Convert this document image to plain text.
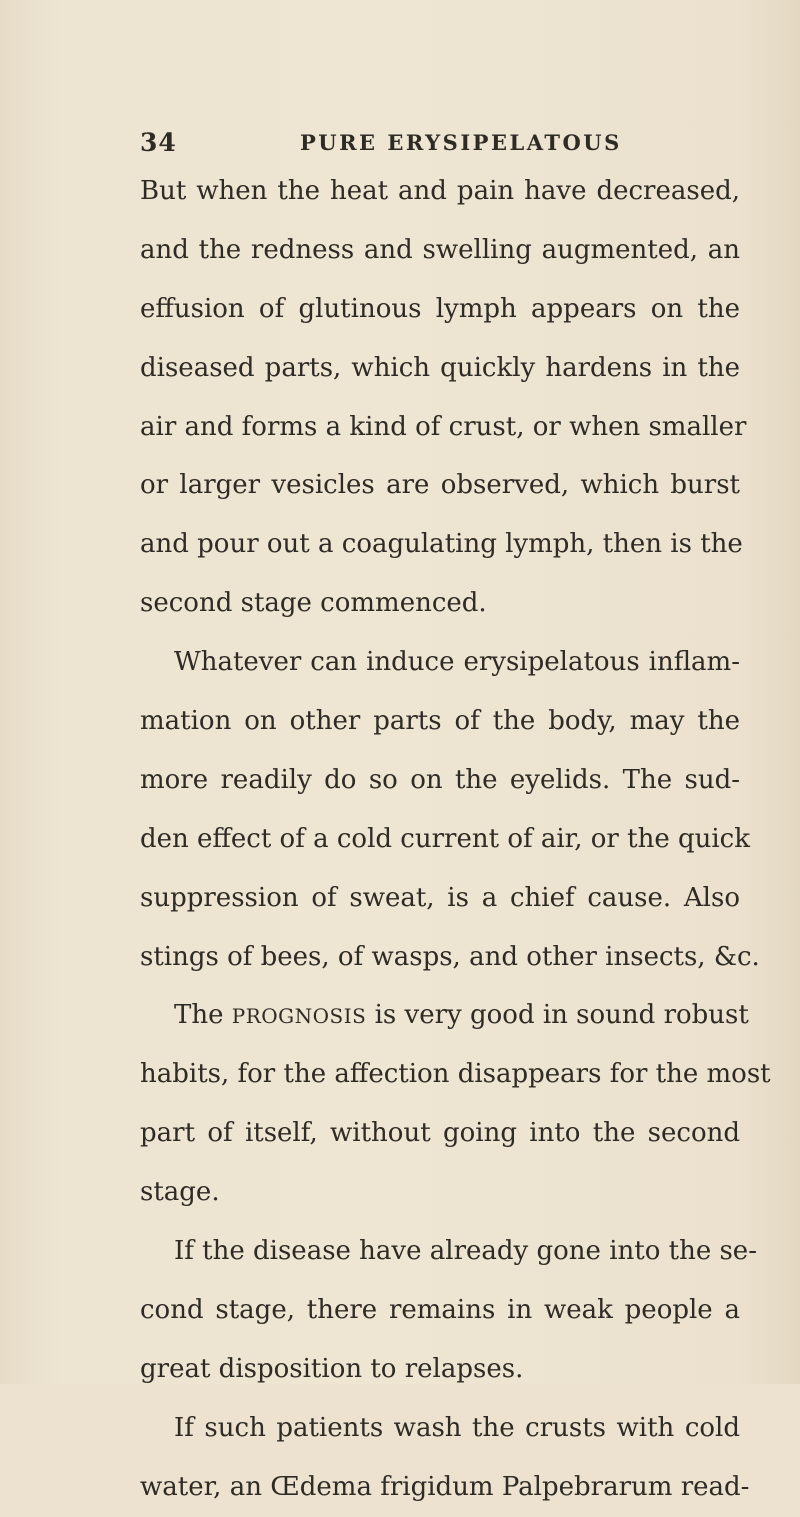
34	PURE ERYSIPELATOUS
But when the heat and pain have decreased,
and the redness and swelling augmented, an
effusion of glutinous lymph appears on the
diseased parts, which quickly hardens in the
air and forms a kind of crust, or when smaller
or larger vesicles are observed, which burst
and pour out a coagulating lymph, then is the
second stage commenced.
Whatever can induce erysipelatous inflam-
mation on other parts of the body, may the
more readily do so on the eyelids. The sud-
den effect of a cold current of air, or the quick
suppression of sweat, is a chief cause. Also
stings of bees, of wasps, and other insects, &c.
The PROGNOSIS is very good in sound robust
habits, for the affection disappears for the most
part of itself, without going into the second
stage.
If the disease have already gone into the se-
cond stage, there remains in weak people a
great disposition to relapses.
If such patients wash the crusts with cold
water, an Œdema frigidum Palpebrarum read-
